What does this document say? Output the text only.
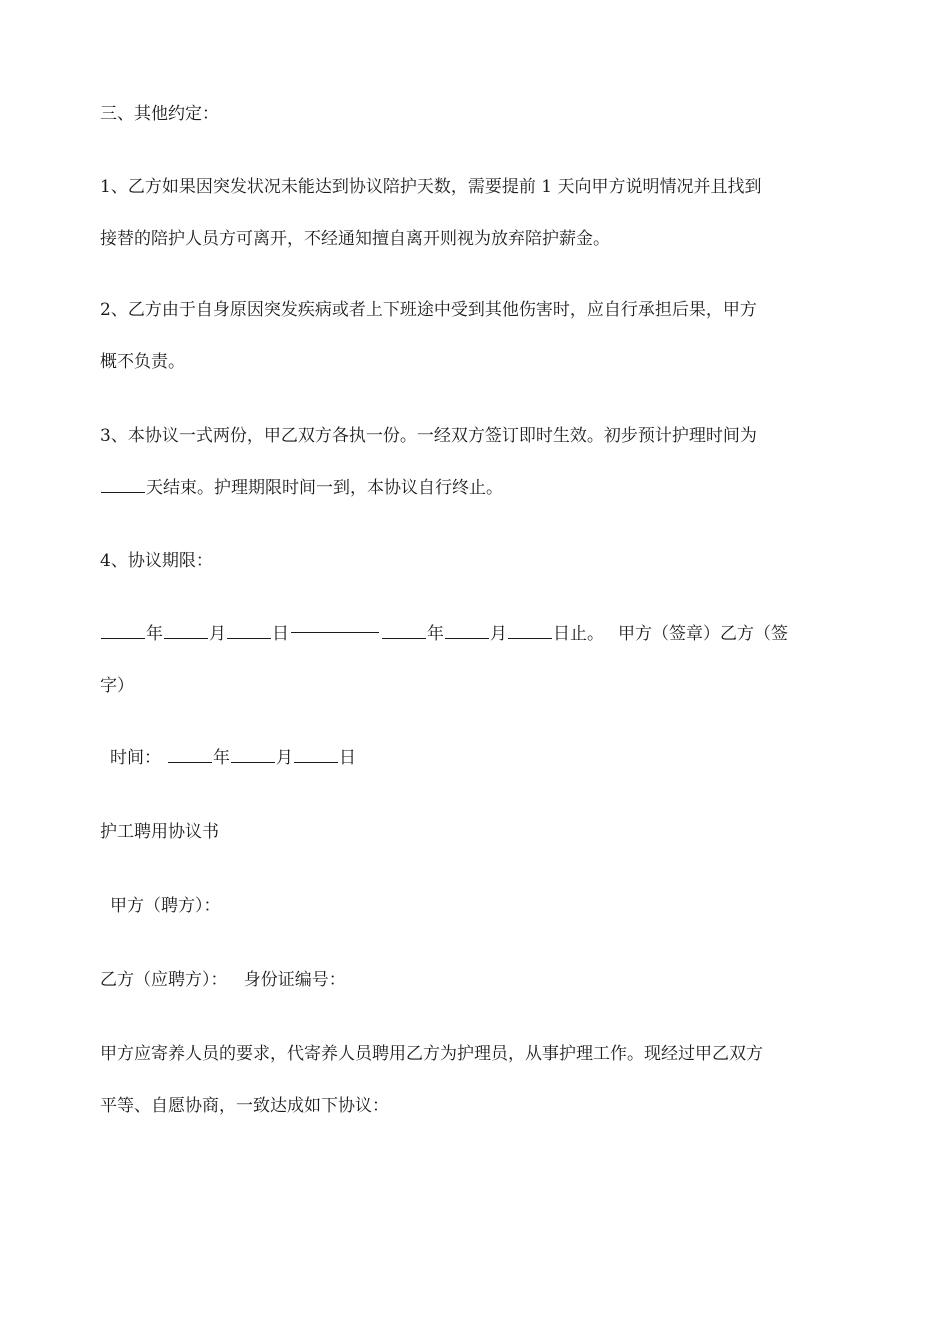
三、其他约定：
1、乙方如果因突发状况未能达到协议陪护天数，需要提前 1 天向甲方说明情况并且找到
接替的陪护人员方可离开，不经通知擅自离开则视为放弃陪护薪金。
2、乙方由于自身原因突发疾病或者上下班途中受到其他伤害时，应自行承担后果，甲方
概不负责。
3、本协议一式两份，甲乙双方各执一份。一经双方签订即时生效。初步预计护理时间为
天结束。护理期限时间一到，本协议自行终止。
4、协议期限：
年	月	日	年	月	日止。 甲方（签章）乙方（签
字）
时间：	年	月	日
护工聘用协议书
甲方（聘方）：
乙方（应聘方）：   身份证编号：
甲方应寄养人员的要求，代寄养人员聘用乙方为护理员，从事护理工作。现经过甲乙双方
平等、自愿协商，一致达成如下协议：
